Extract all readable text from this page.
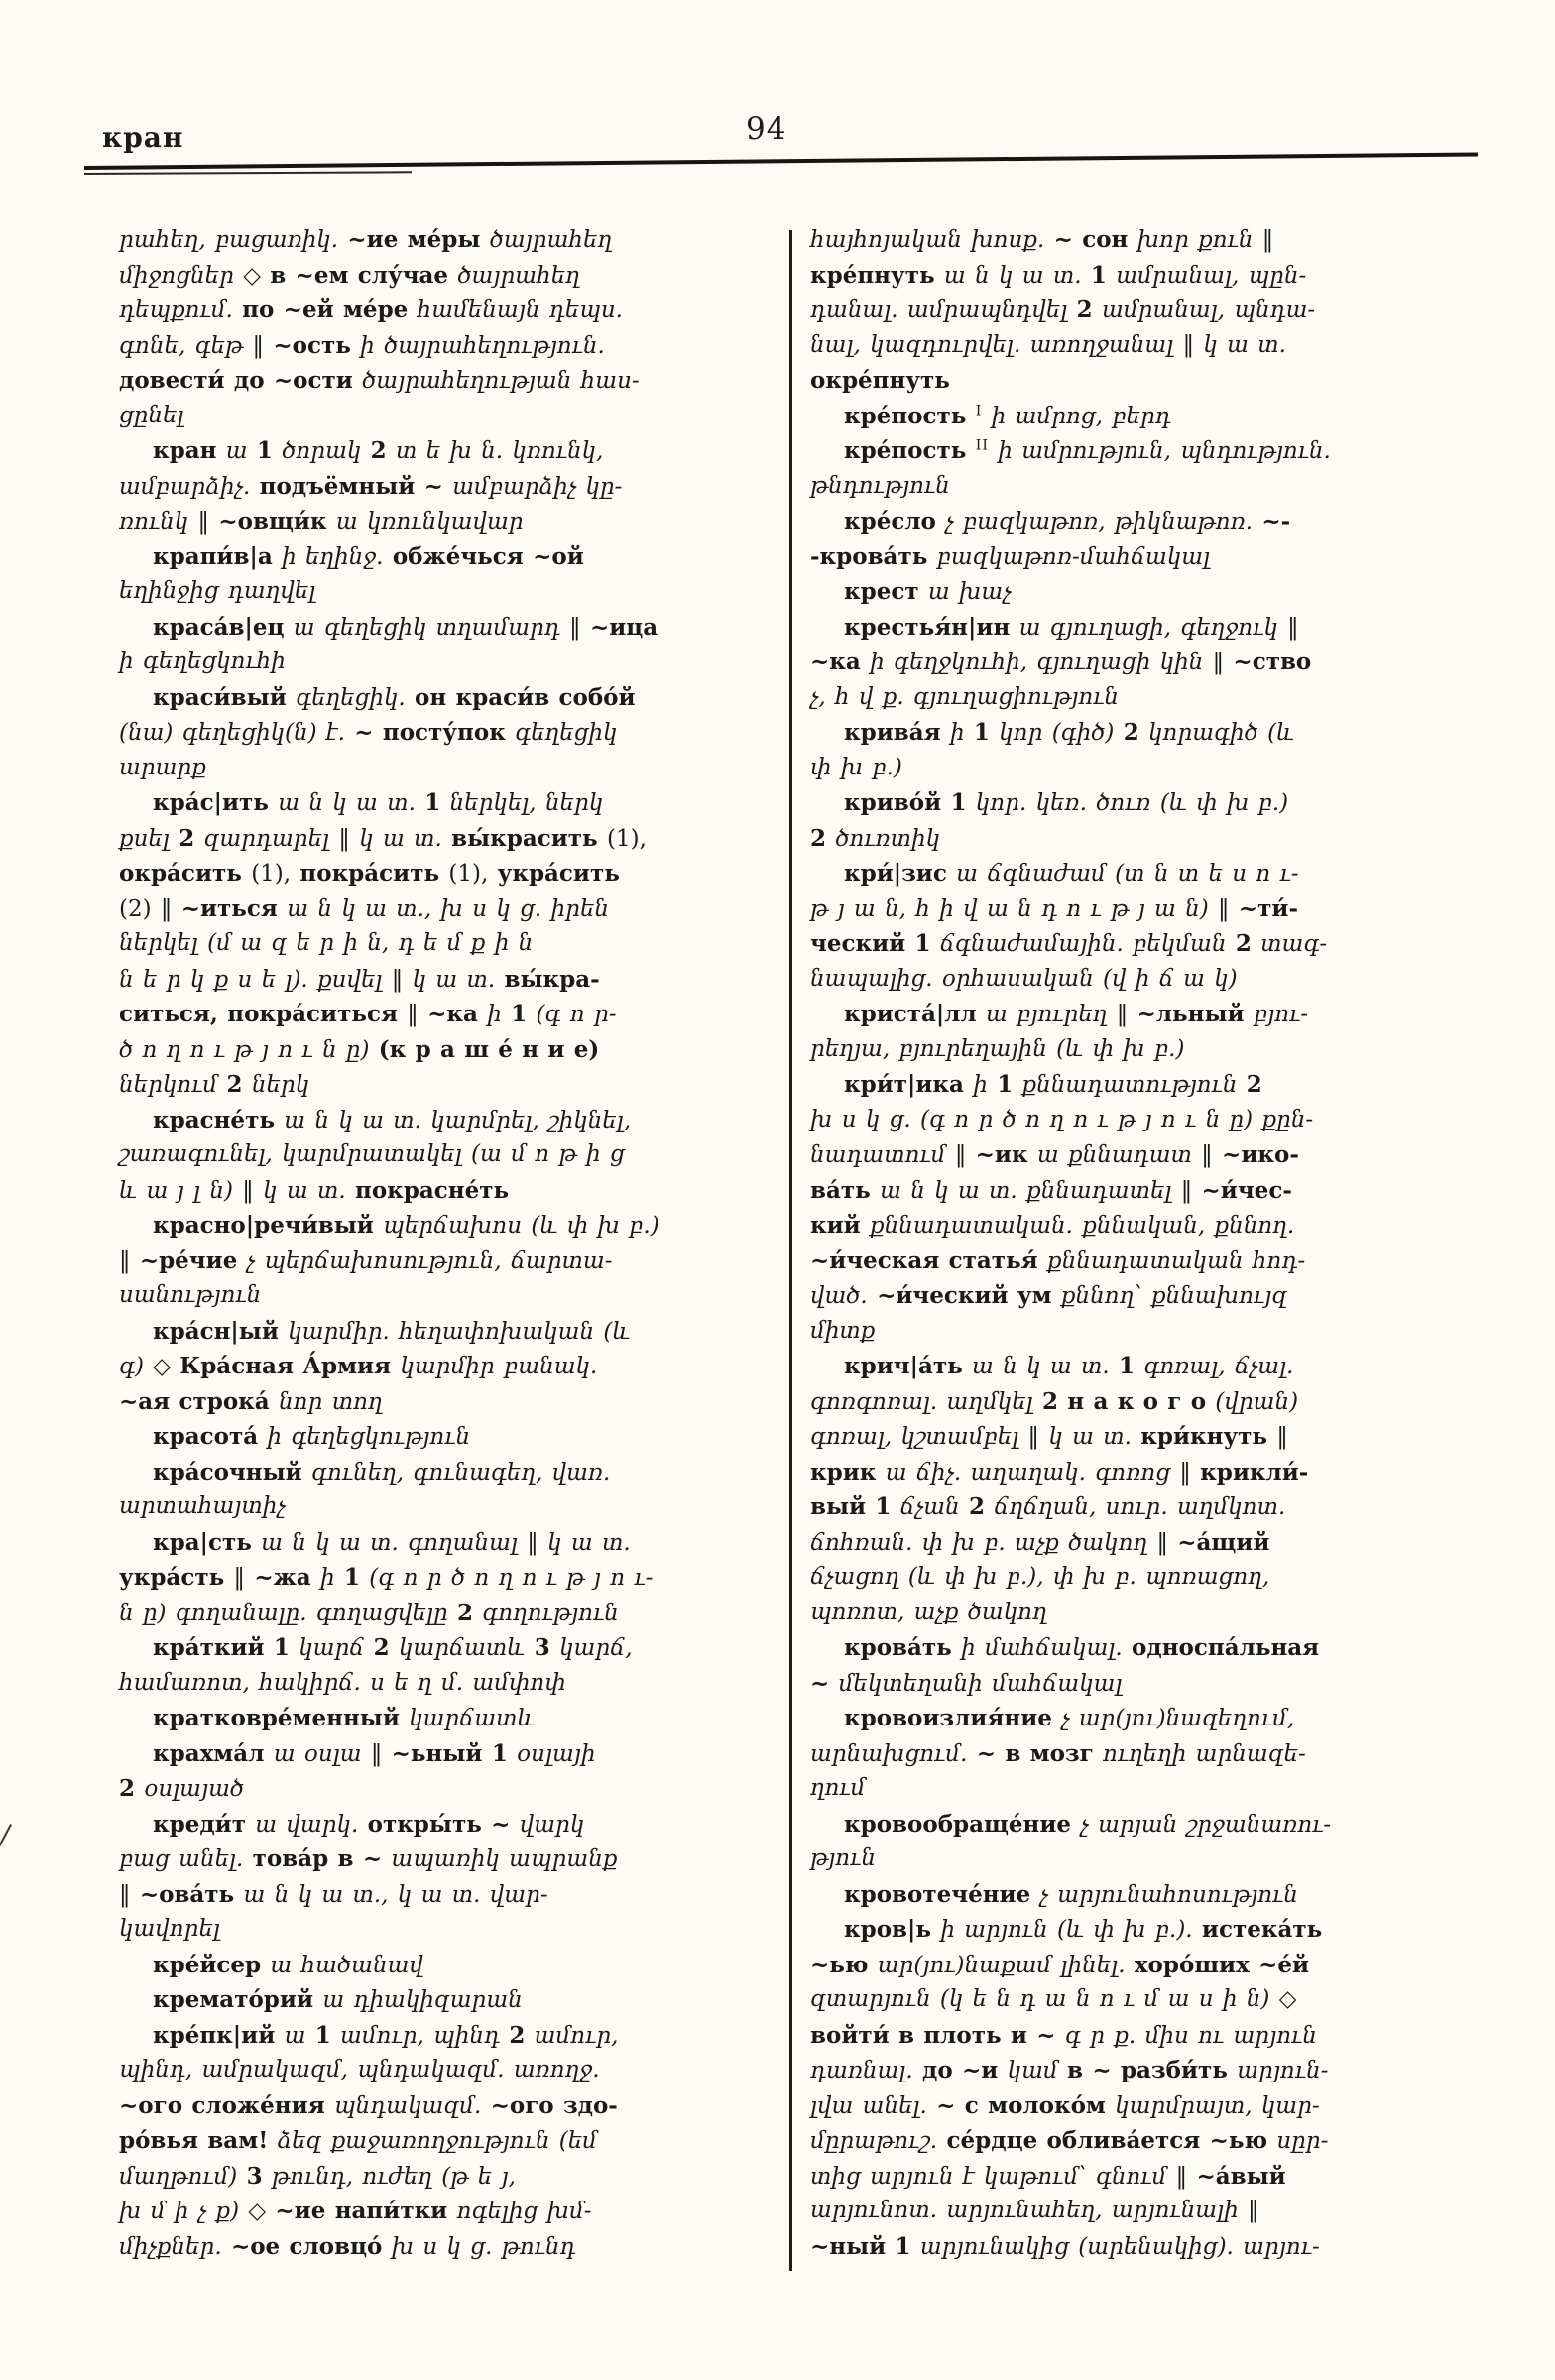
кран	94
րահեղ, բացառիկ. ~ие ме́ры ծայրահեղ
միջոցներ ◇ в ~ем слу́чае ծայրահեղ
դեպքում. по ~ей ме́ре համենայն դեպս.
գոնե, գեթ ‖ ~ость ի ծայրահեղություն.
довести́ до ~ости ծայրահեղության հաս-
ցընել
кран ա 1 ծորակ 2 տ ե խ ն. կռունկ,
ամբարձիչ. подъёмный ~ ամբարձիչ կը-
ռունկ ‖ ~овщи́к ա կռունկավար
крапи́в|а ի եղինջ. обже́чься ~ой
եղինջից դաղվել
краса́в|ец ա գեղեցիկ տղամարդ ‖ ~ица
ի գեղեցկուհի
краси́вый գեղեցիկ. он краси́в собо́й
(նա) գեղեցիկ(ն) է. ~ посту́пок գեղեցիկ
արարք
кра́с|ить ա ն կ ա տ. 1 ներկել, ներկ
քսել 2 զարդարել ‖ կ ա տ. вы́красить (1),
окра́сить (1), покра́сить (1), укра́сить
(2) ‖ ~иться ա ն կ ա տ., խ ս կ ց. իրեն
ներկել (մ ա զ ե ր ի ն, դ ե մ ք ի ն
ն ե ր կ ք ս ե լ). քսվել ‖ կ ա տ. вы́кра-
ситься, покра́ситься ‖ ~ка ի 1 (գ ո ր-
ծ ո ղ ո ւ թ յ ո ւ ն ը) (к р а ш е́ н и е)
ներկում 2 ներկ
красне́ть ա ն կ ա տ. կարմրել, շիկնել,
շառագունել, կարմրատակել (ա մ ո թ ի ց
և ա յ լ ն) ‖ կ ա տ. покрасне́ть
красно|речи́вый պերճախոս (և փ խ բ.)
‖ ~ре́чие չ պերճախոսություն, ճարտա-
սանություն
кра́сн|ый կարմիր. հեղափոխական (և
գ) ◇ Кра́сная А́рмия կարմիր բանակ.
~ая строка́ նոր տող
красота́ ի գեղեցկություն
кра́сочный գունեղ, գունագեղ, վառ.
արտահայտիչ
кра|сть ա ն կ ա տ. գողանալ ‖ կ ա տ.
укра́сть ‖ ~жа ի 1 (գ ո ր ծ ո ղ ո ւ թ յ ո ւ-
ն ը) գողանալը. գողացվելը 2 գողություն
кра́ткий 1 կարճ 2 կարճատև 3 կարճ,
համառոտ, հակիրճ. ս ե ղ մ. ամփոփ
кратковре́менный կարճատև
крахма́л ա օսլա ‖ ~ьный 1 օսլայի
2 օսլայած
креди́т ա վարկ. откры́ть ~ վարկ
բաց անել. това́р в ~ ապառիկ ապրանք
‖ ~ова́ть ա ն կ ա տ., կ ա տ. վար-
կավորել
кре́йсер ա հածանավ
кремато́рий ա դիակիզարան
кре́пк|ий ա 1 ամուր, պինդ 2 ամուր,
պինդ, ամրակազմ, պնդակազմ. առողջ.
~ого сложе́ния պնդակազմ. ~ого здо-
ро́вья вам! ձեզ քաջառողջություն (եմ
մաղթում) 3 թունդ, ուժեղ (թ ե յ,
խ մ ի չ ք) ◇ ~ие напи́тки ոգելից խմ-
միչքներ. ~ое словцо́ խ ս կ ց. թունդ
հայհոյական խոսք. ~ сон խոր քուն ‖
кре́пнуть ա ն կ ա տ. 1 ամրանալ, պըն-
դանալ. ամրապնդվել 2 ամրանալ, պնդա-
նալ, կազդուրվել. առողջանալ ‖ կ ա տ.
окре́пнуть
кре́пость $^I$ ի ամրոց, բերդ
кре́пость $^{II}$ ի ամրություն, պնդություն.
թնդություն
кре́сло չ բազկաթոռ, թիկնաթոռ. ~-
-крова́ть բազկաթոռ-մահճակալ
крест ա խաչ
крестья́н|ин ա գյուղացի, գեղջուկ ‖
~ка ի գեղջկուհի, գյուղացի կին ‖ ~ство
չ, հ վ ք. գյուղացիություն
крива́я ի 1 կոր (գիծ) 2 կորագիծ (և
փ խ բ.)
криво́й 1 կոր. կեռ. ծուռ (և փ խ բ.)
2 ծուռտիկ
кри́|зис ա ճգնաժամ (տ ն տ ե ս ո ւ-
թ յ ա ն, հ ի վ ա ն դ ո ւ թ յ ա ն) ‖ ~ти́-
ческий 1 ճգնաժամային. բեկման 2 տագ-
նապալից. օրհասական (վ ի ճ ա կ)
криста́|лл ա բյուրեղ ‖ ~льный բյու-
րեղյա, բյուրեղային (և փ խ բ.)
кри́т|ика ի 1 քննադատություն 2
խ ս կ ց. (գ ո ր ծ ո ղ ո ւ թ յ ո ւ ն ը) քըն-
նադատում ‖ ~ик ա քննադատ ‖ ~ико-
ва́ть ա ն կ ա տ. քննադատել ‖ ~и́чес-
кий քննադատական. քննական, քննող.
~и́ческая статья́ քննադատական հոդ-
ված. ~и́ческий ум քննող՝ քննախույզ
միտք
крич|а́ть ա ն կ ա տ. 1 գոռալ, ճչալ.
գոռգոռալ. աղմկել 2 н а к о г о (վրան)
գոռալ, կշտամբել ‖ կ ա տ. кри́кнуть ‖
крик ա ճիչ. աղաղակ. գոռոց ‖ крикли́-
вый 1 ճչան 2 ճղճղան, սուր. աղմկոտ.
ճոհռան. փ խ բ. աչք ծակող ‖ ~а́щий
ճչացող (և փ խ բ.), փ խ բ. պոռացող,
պոռոտ, աչք ծակող
крова́ть ի մահճակալ. односпа́льная
~ մեկտեղանի մահճակալ
кровоизлия́ние չ ար(յու)նազեղում,
արնախցում. ~ в мозг ուղեղի արնազե-
ղում
кровообраще́ние չ արյան շրջանառու-
թյուն
кровотече́ние չ արյունահոսություն
кров|ь ի արյուն (և փ խ բ.). истека́ть
~ью ար(յու)նաքամ լինել. хоро́ших ~е́й
զտարյուն (կ ե ն դ ա ն ո ւ մ ա ս ի ն) ◇
войти́ в плоть и ~ գ ր ք. միս ու արյուն
դառնալ. до ~и կամ в ~ разби́ть արյուն-
լվա անել. ~ с молоко́м կարմրայտ, կար-
մըրաթուշ. се́рдце облива́ется ~ью սըր-
տից արյուն է կաթում՝ գնում ‖ ~а́вый
արյունոտ. արյունահեղ, արյունալի ‖
~ный 1 արյունակից (արենակից). արյու-
